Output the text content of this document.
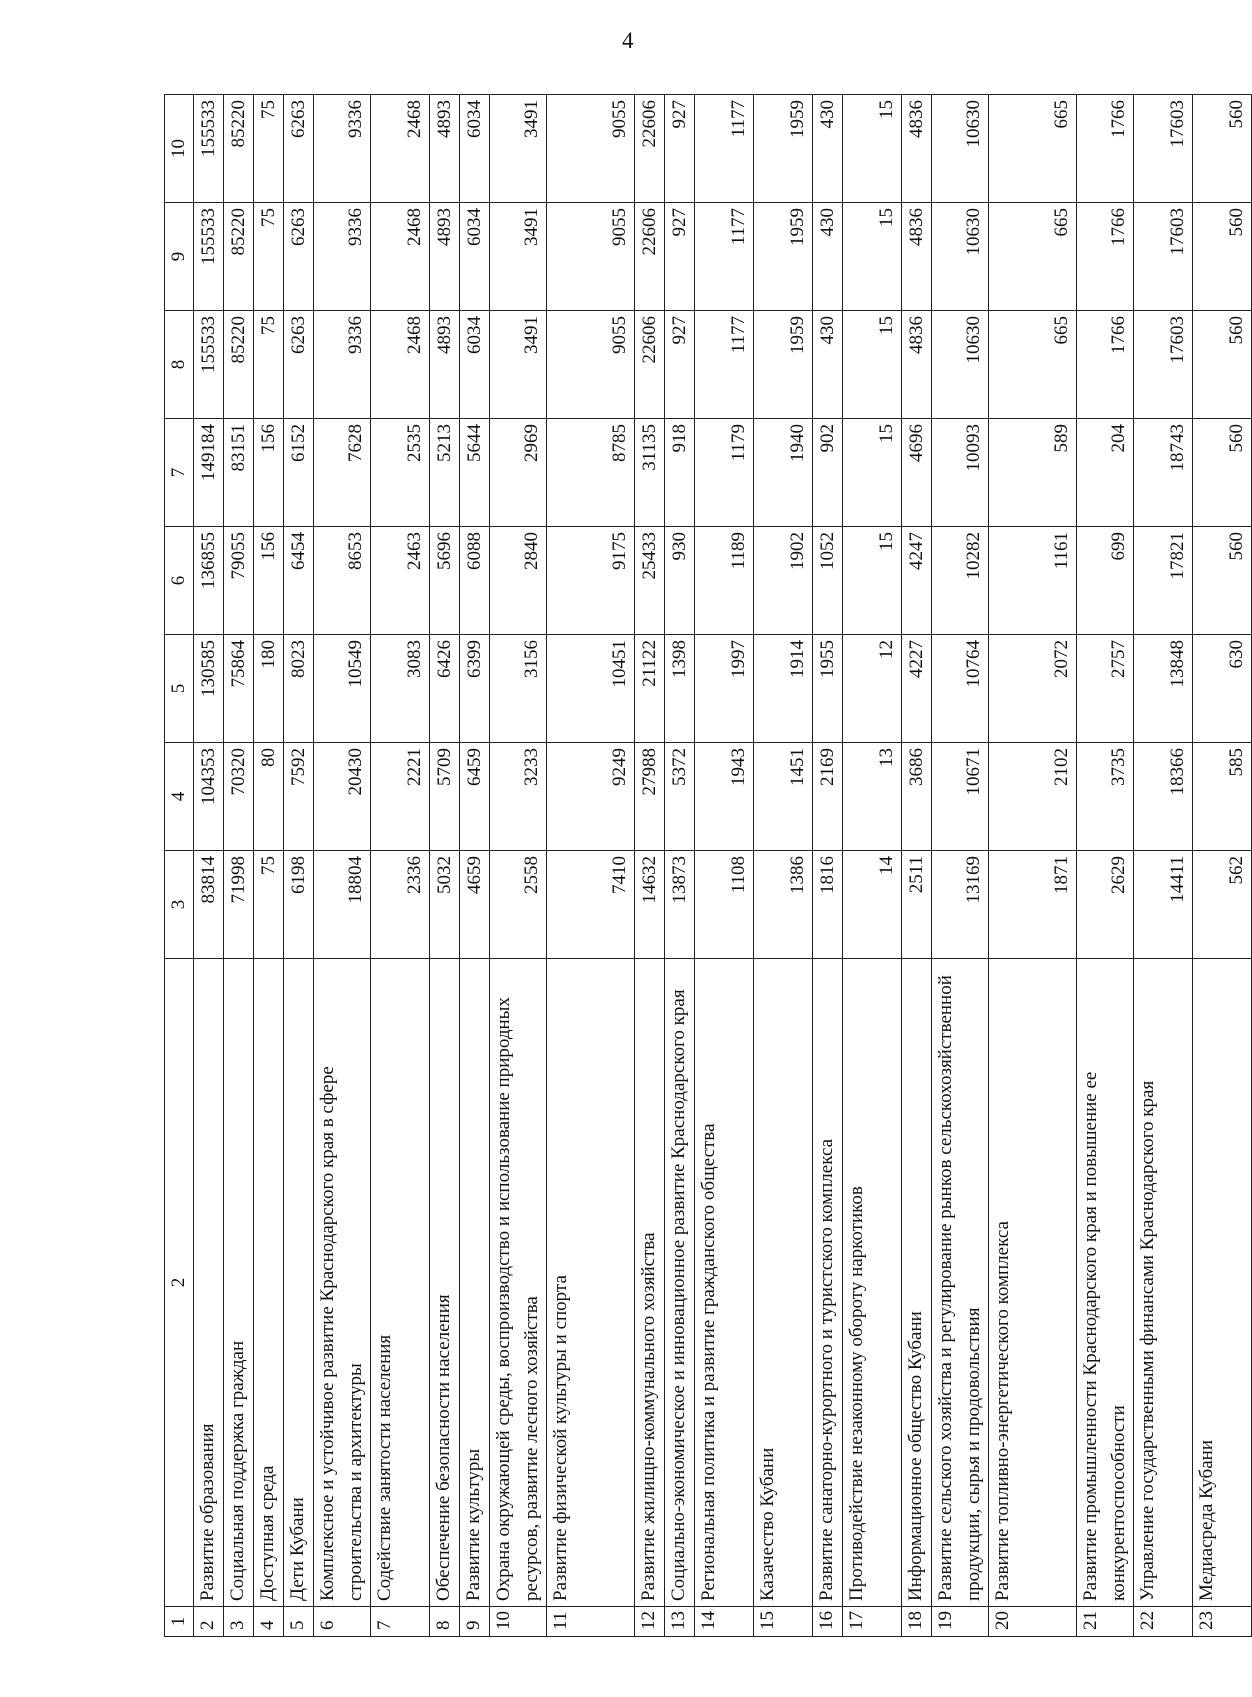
4
1	2	3	4	5	6	7	8	9	10
2	Развитие образования	83814	104353	130585	136855	149184	155533	155533	155533
3	Социальная поддержка граждан	71998	70320	75864	79055	83151	85220	85220	85220
4	Доступная среда	75	80	180	156	156	75	75	75
5	Дети Кубани	6198	7592	8023	6454	6152	6263	6263	6263
6	Комплексное и устойчивое развитие Краснодарского края в сфере строительства и архитектуры	18804	20430	10549	8653	7628	9336	9336	9336
7	Содействие занятости населения	2336	2221	3083	2463	2535	2468	2468	2468
8	Обеспечение безопасности населения	5032	5709	6426	5696	5213	4893	4893	4893
9	Развитие культуры	4659	6459	6399	6088	5644	6034	6034	6034
10	Охрана окружающей среды, воспроизводство и использование природных ресурсов, развитие лесного хозяйства	2558	3233	3156	2840	2969	3491	3491	3491
11	Развитие физической культуры и спорта	7410	9249	10451	9175	8785	9055	9055	9055
12	Развитие жилищно-коммунального хозяйства	14632	27988	21122	25433	31135	22606	22606	22606
13	Социально-экономическое и инновационное развитие Краснодарского края	13873	5372	1398	930	918	927	927	927
14	Региональная политика и развитие гражданского общества	1108	1943	1997	1189	1179	1177	1177	1177
15	Казачество Кубани	1386	1451	1914	1902	1940	1959	1959	1959
16	Развитие санаторно-курортного и туристского комплекса	1816	2169	1955	1052	902	430	430	430
17	Противодействие незаконному обороту наркотиков	14	13	12	15	15	15	15	15
18	Информационное общество Кубани	2511	3686	4227	4247	4696	4836	4836	4836
19	Развитие сельского хозяйства и регулирование рынков сельскохозяйственной продукции, сырья и продовольствия	13169	10671	10764	10282	10093	10630	10630	10630
20	Развитие топливно-энергетического комплекса	1871	2102	2072	1161	589	665	665	665
21	Развитие промышленности Краснодарского края и повышение ее конкурентоспособности	2629	3735	2757	699	204	1766	1766	1766
22	Управление государственными финансами Краснодарского края	14411	18366	13848	17821	18743	17603	17603	17603
23	Медиасреда Кубани	562	585	630	560	560	560	560	560
